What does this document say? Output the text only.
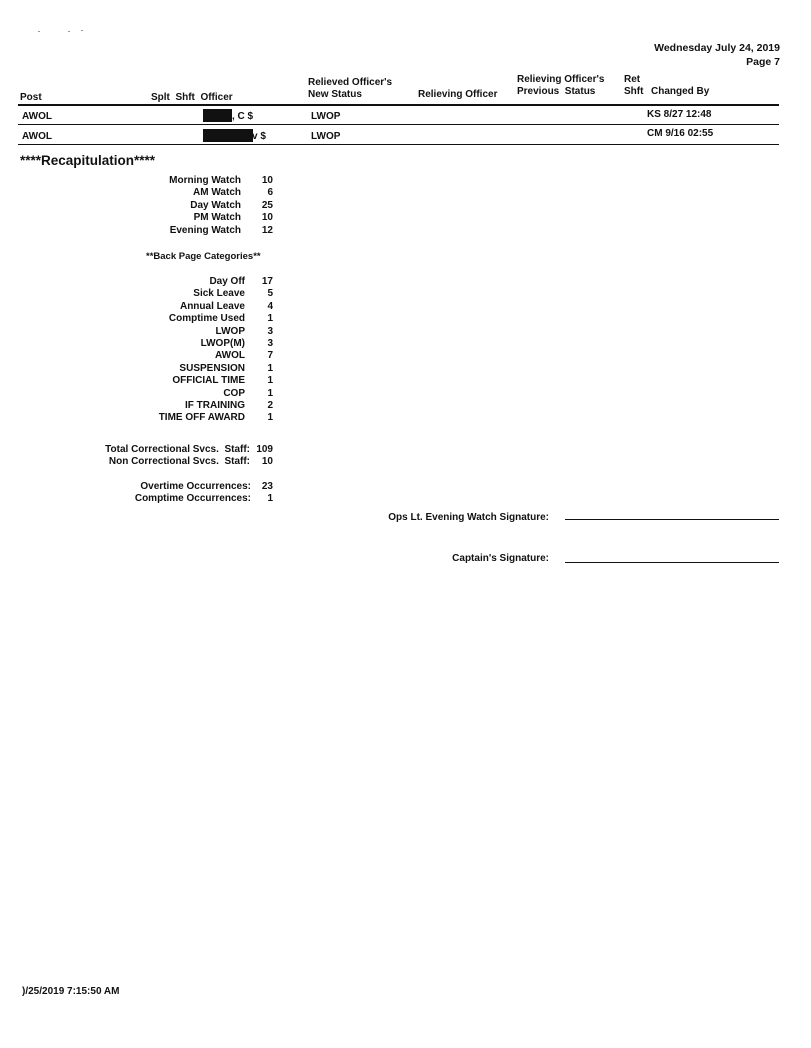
Wednesday July 24, 2019
Page 7
Post	Splt  Shft  Officer
Relieved Officer's
New Status	Relieving Officer
Relieving Officer's
Previous  Status
Ret
Shft Changed By
AWOL	, C $	LWOP	KS 8/27 12:48
AWOL	v $	LWOP	CM 9/16 02:55
****Recapitulation****
Morning Watch 10
AM Watch	6
Day Watch 25
PM Watch 10
Evening Watch 12
**Back Page Categories**
Day Off 17
Sick Leave 5
Annual Leave 4
Comptime Used 1
LWOP 3
LWOP(M) 3
AWOL 7
SUSPENSION 1
OFFICIAL TIME 1
COP 1
IF TRAINING 2
TIME OFF AWARD 1
Total Correctional Svcs.  Staff: 109
Non Correctional Svcs.  Staff: 10
Overtime Occurrences: 23
Comptime Occurrences: 1
Ops Lt. Evening Watch Signature:
Captain's Signature:
)/25/2019 7:15:50 AM
